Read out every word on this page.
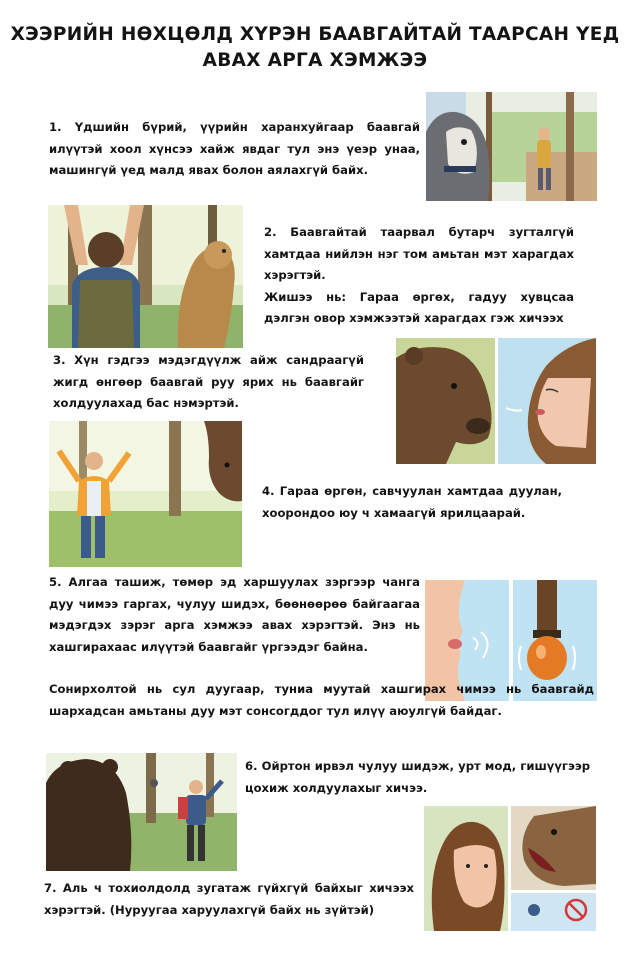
ХЭЭРИЙН НӨХЦӨЛД ХҮРЭН БААВГАЙТАЙ ТААРСАН ҮЕД
АВАХ АРГА ХЭМЖЭЭ

1. Үдшийн бүрий, үүрийн харанхуйгаар баавгай илүүтэй хоол хүнсээ хайж явдаг тул энэ үеэр унаа, машингүй үед малд явах болон аялахгүй байх.

2. Баавгайтай таарвал бутарч зугталгүй хамтдаа нийлэн нэг том амьтан мэт харагдах хэрэгтэй.

Жишээ нь: Гараа өргөх, гадуу хувцсаа дэлгэн овор хэмжээтэй харагдах гэж хичээх

3. Хүн гэдгээ мэдэгдүүлж айж сандраагүй жигд өнгөөр баавгай руу ярих нь баавгайг холдуулахад бас нэмэртэй.

4. Гараа өргөн, савчуулан хамтдаа дуулан, хоорондоо юу ч хамаагүй ярилцаарай.

5. Алгаа ташиж, төмөр эд харшуулах зэргээр чанга дуу чимээ гаргах, чулуу шидэх, бөөнөөрөө байгаагаа мэдэгдэх зэрэг арга хэмжээ авах хэрэгтэй. Энэ нь хашгирахаас илүүтэй баавгайг үргээдэг байна.

Сонирхолтой нь сул дуугаар, туниа муутай хашгирах чимээ нь баавгайд шархадсан амьтаны дуу мэт сонсогддог тул илүү аюулгүй байдаг.

6. Ойртон ирвэл чулуу шидэж, урт мод, гишүүгээр цохиж холдуулахыг хичээ.

7. Аль ч тохиолдолд зугатаж гүйхгүй байхыг хичээх хэрэгтэй. (Нуруугаа харуулахгүй байх нь зүйтэй)
